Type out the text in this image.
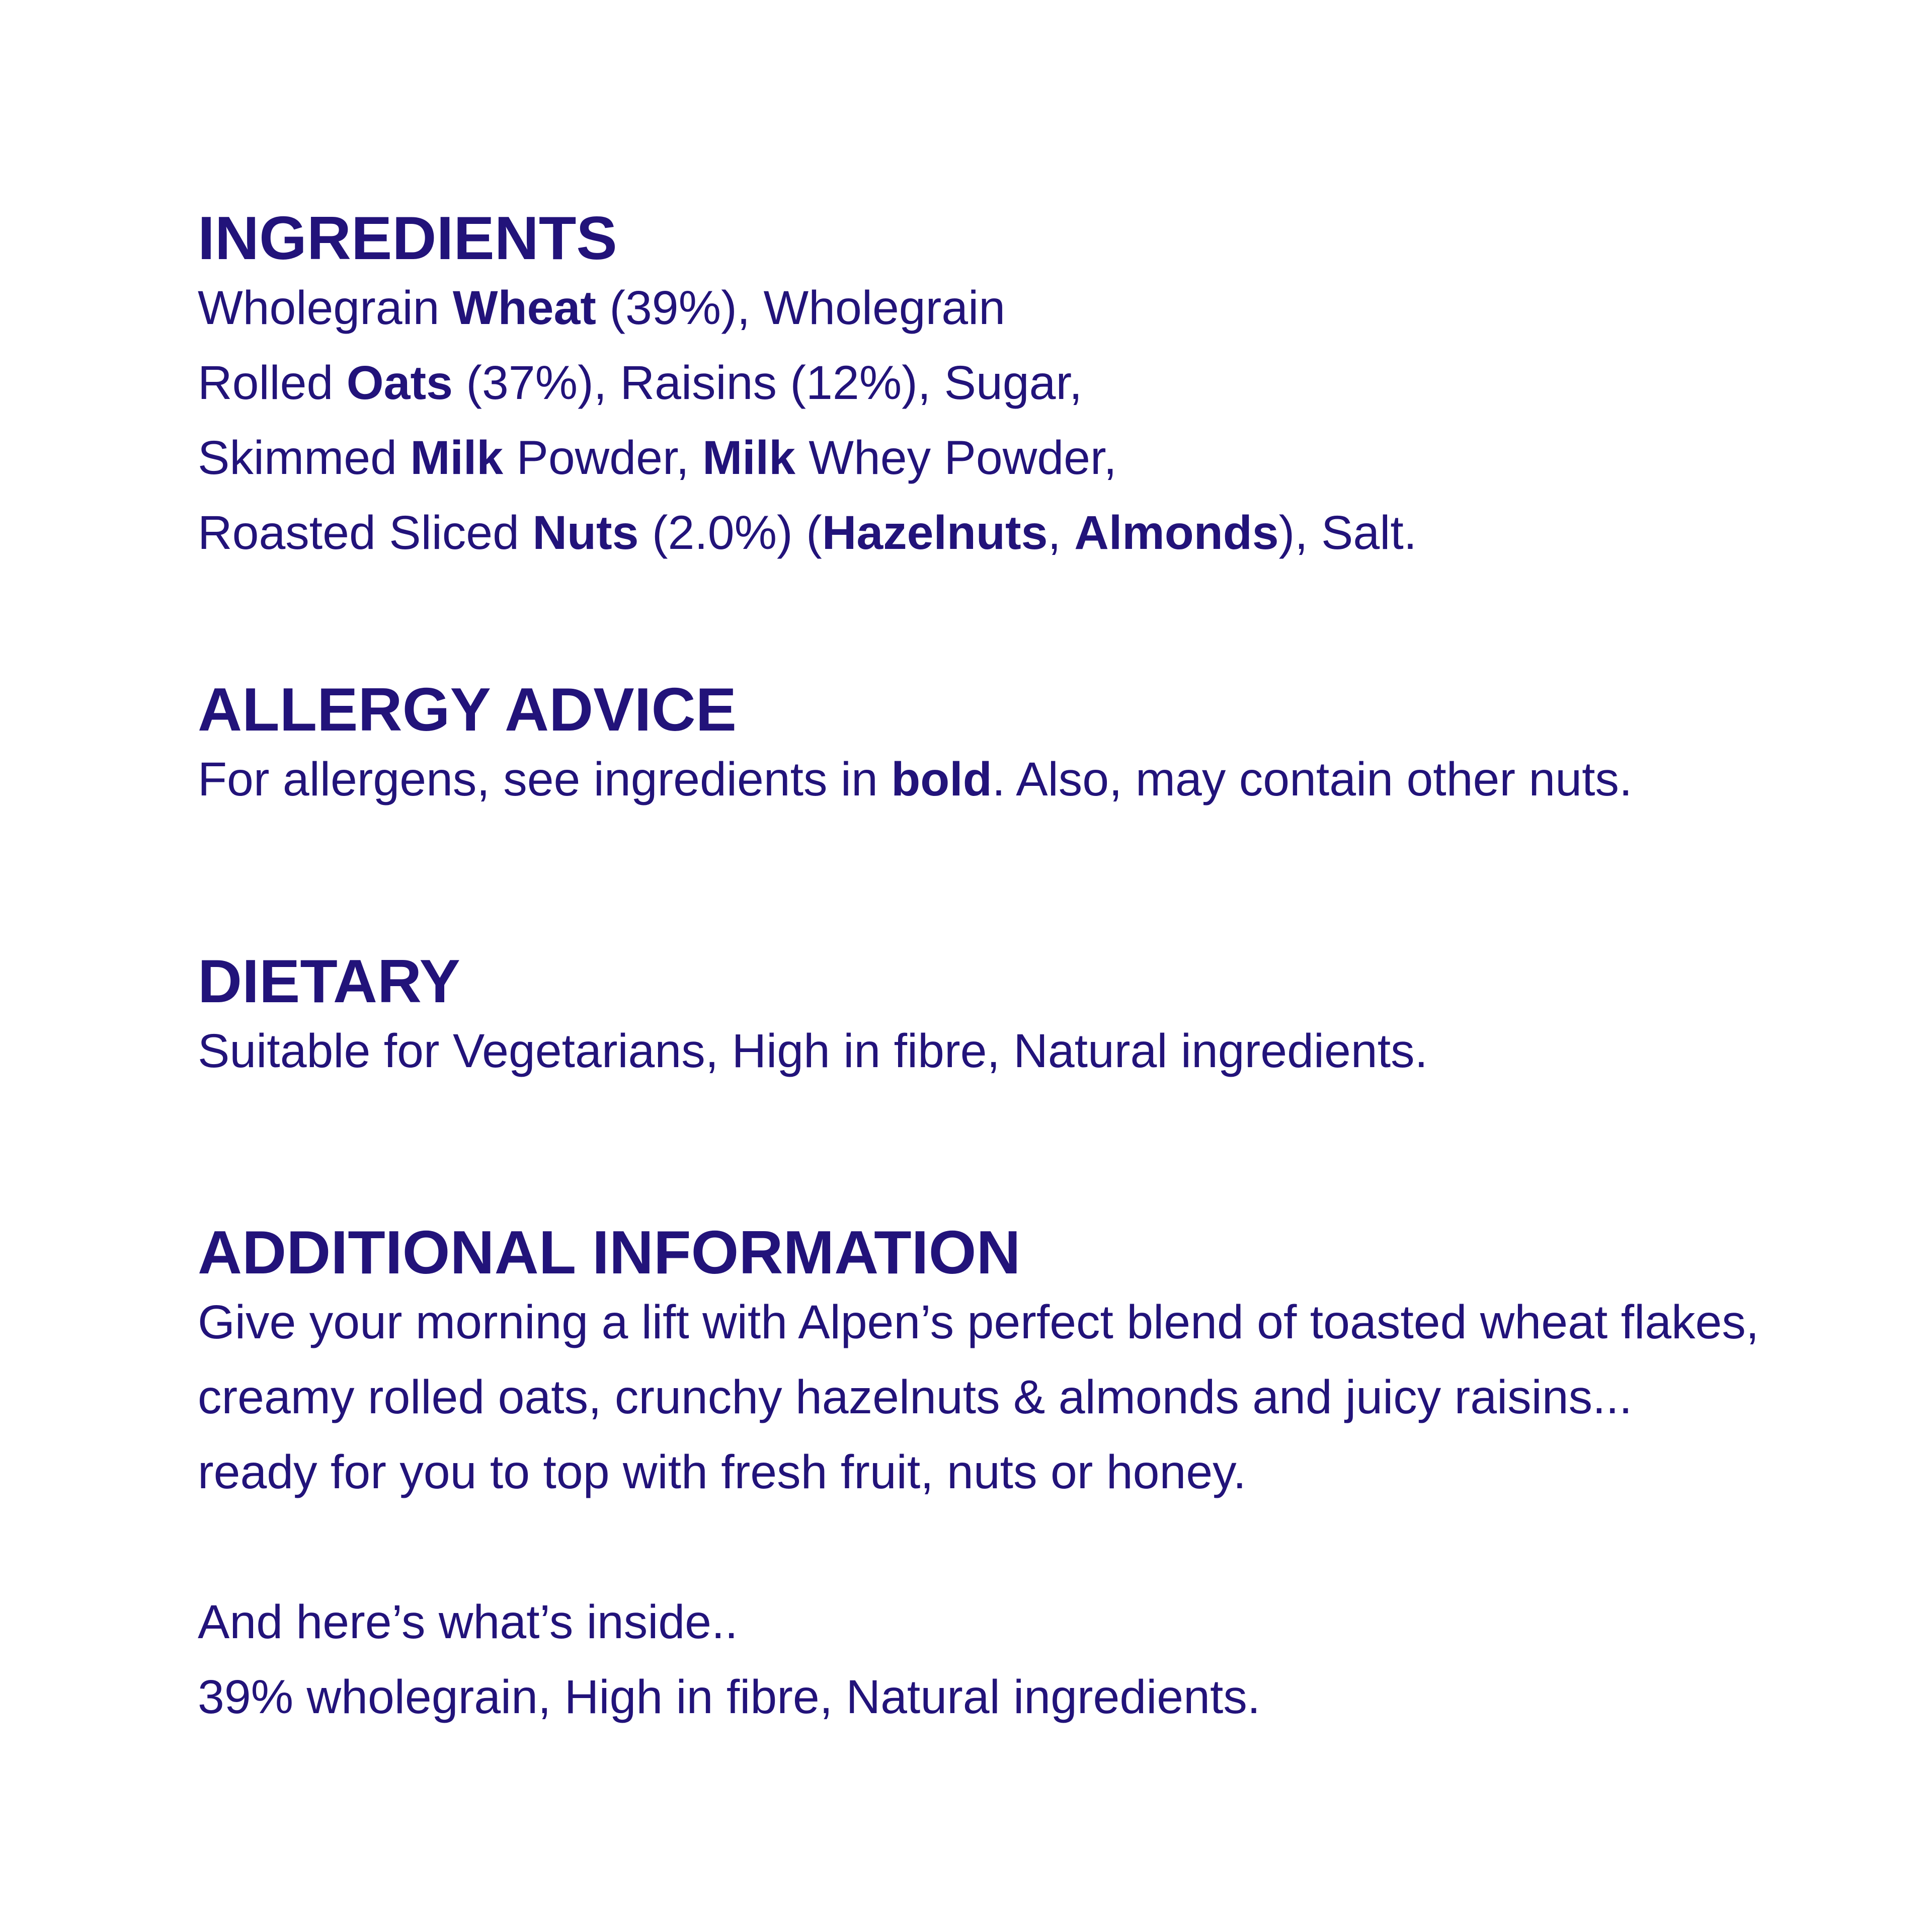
INGREDIENTS

Wholegrain Wheat (39%), Wholegrain

Rolled Oats (37%), Raisins (12%), Sugar,

Skimmed Milk Powder, Milk Whey Powder,

Roasted Sliced Nuts (2.0%) (Hazelnuts, Almonds), Salt.

ALLERGY ADVICE

For allergens, see ingredients in bold. Also, may contain other nuts.

DIETARY

Suitable for Vegetarians, High in fibre, Natural ingredients.

ADDITIONAL INFORMATION

Give your morning a lift with Alpen’s perfect blend of toasted wheat flakes,

creamy rolled oats, crunchy hazelnuts & almonds and juicy raisins...

ready for you to top with fresh fruit, nuts or honey.

And here’s what’s inside..

39% wholegrain, High in fibre, Natural ingredients.
